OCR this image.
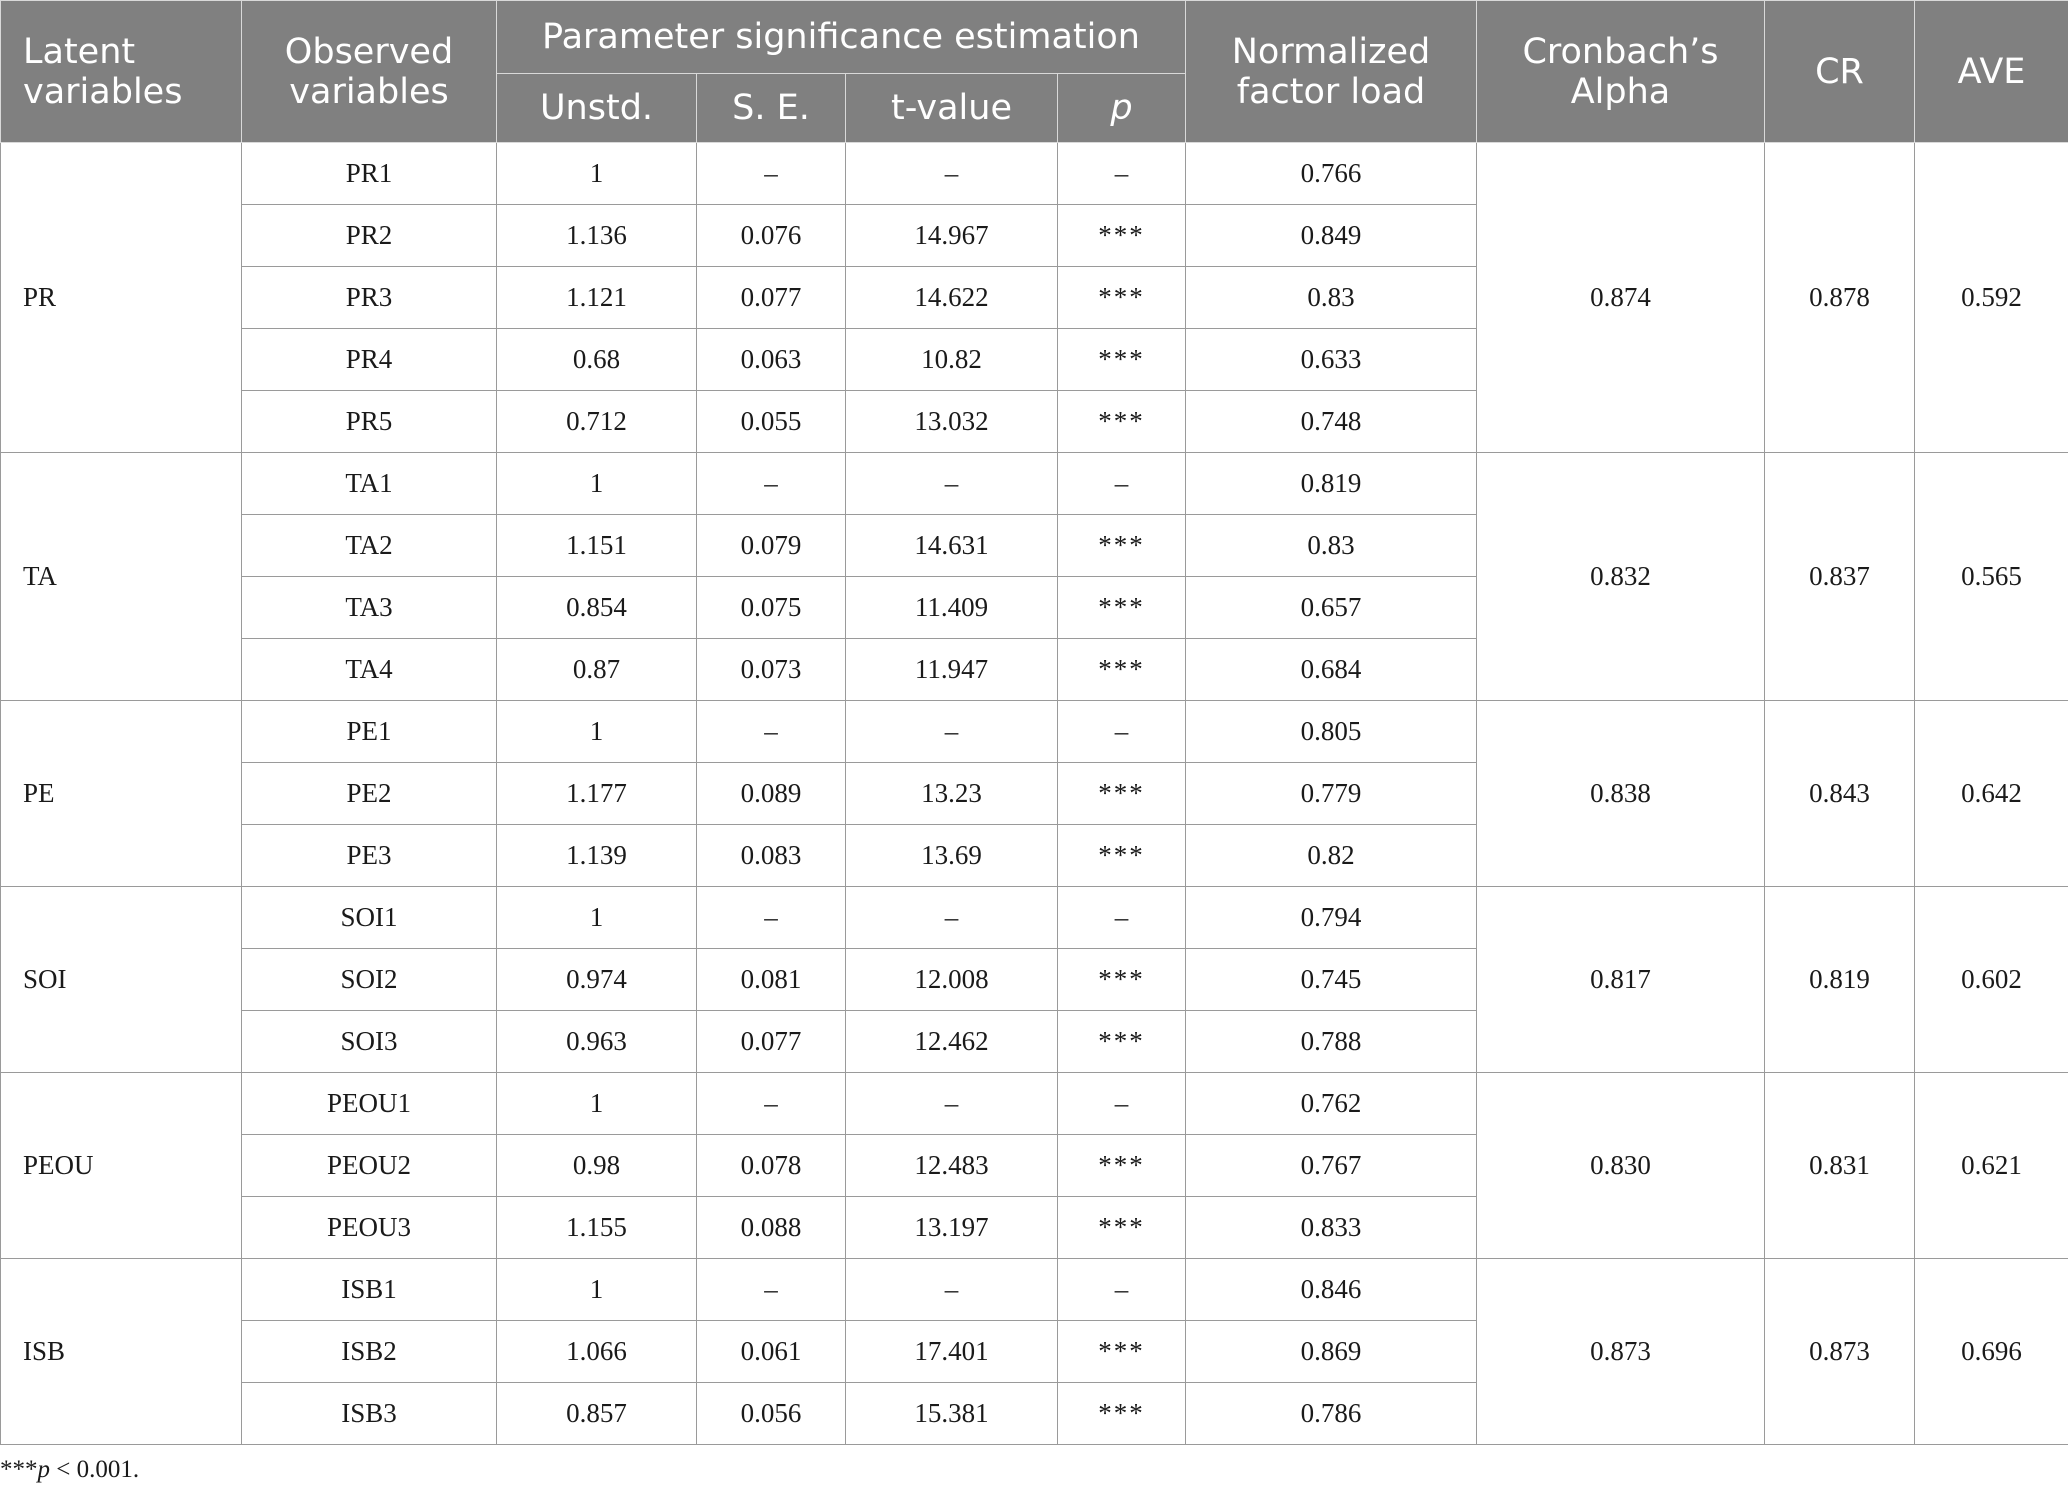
Latent variables	Observed variables	Parameter significance estimation				Normalized factor load	Cronbach’s Alpha	CR	AVE
		Unstd.	S. E.	t-value	p				
PR	PR1	1	–	–	–	0.766	0.874	0.878	0.592
	PR2	1.136	0.076	14.967	***	0.849			
	PR3	1.121	0.077	14.622	***	0.83			
	PR4	0.68	0.063	10.82	***	0.633			
	PR5	0.712	0.055	13.032	***	0.748			
TA	TA1	1	–	–	–	0.819	0.832	0.837	0.565
	TA2	1.151	0.079	14.631	***	0.83			
	TA3	0.854	0.075	11.409	***	0.657			
	TA4	0.87	0.073	11.947	***	0.684			
PE	PE1	1	–	–	–	0.805	0.838	0.843	0.642
	PE2	1.177	0.089	13.23	***	0.779			
	PE3	1.139	0.083	13.69	***	0.82			
SOI	SOI1	1	–	–	–	0.794	0.817	0.819	0.602
	SOI2	0.974	0.081	12.008	***	0.745			
	SOI3	0.963	0.077	12.462	***	0.788			
PEOU	PEOU1	1	–	–	–	0.762	0.830	0.831	0.621
	PEOU2	0.98	0.078	12.483	***	0.767			
	PEOU3	1.155	0.088	13.197	***	0.833			
ISB	ISB1	1	–	–	–	0.846	0.873	0.873	0.696
	ISB2	1.066	0.061	17.401	***	0.869			
	ISB3	0.857	0.056	15.381	***	0.786			
***p < 0.001.
